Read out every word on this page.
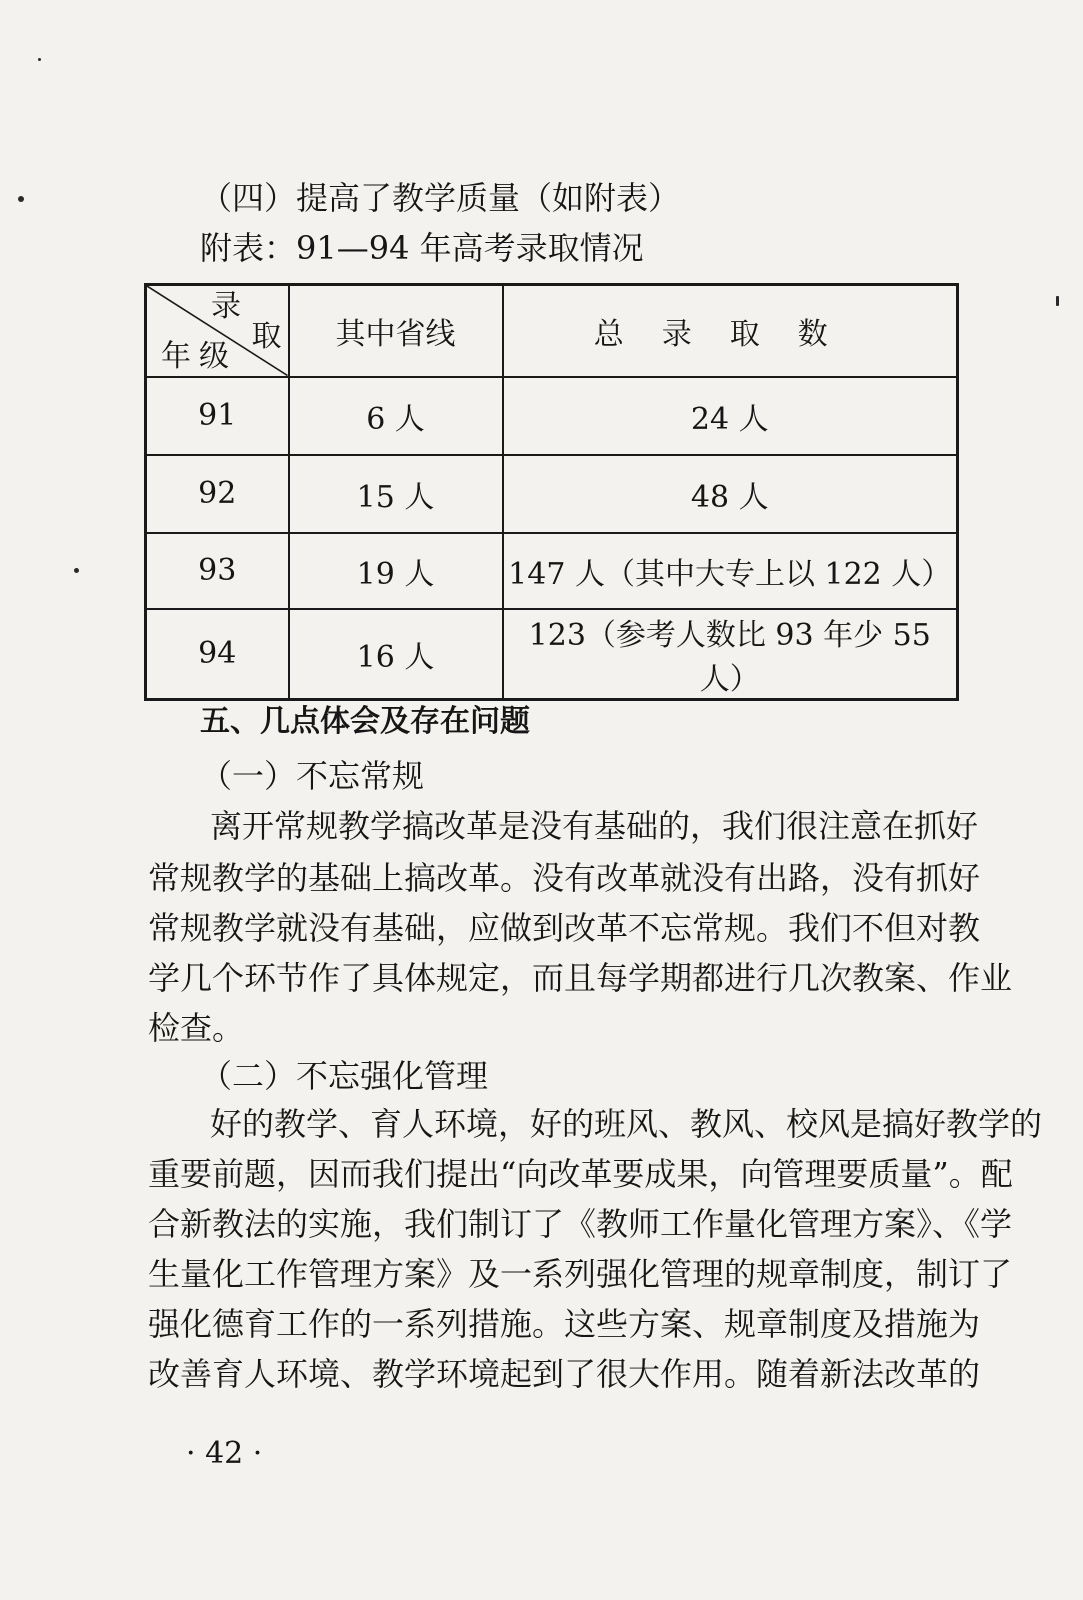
（四）提高了教学质量（如附表）
附表：91—94 年高考录取情况
录
取
年级	其中省线	总录取数
91	6 人	24 人
92	15 人	48 人
93	19 人	147 人（其中大专上以 122 人）
94	16 人	123（参考人数比 93 年少 55 人）
五、几点体会及存在问题
（一）不忘常规
离开常规教学搞改革是没有基础的，我们很注意在抓好
常规教学的基础上搞改革。没有改革就没有出路，没有抓好
常规教学就没有基础，应做到改革不忘常规。我们不但对教
学几个环节作了具体规定，而且每学期都进行几次教案、作业
检查。
（二）不忘强化管理
好的教学、育人环境，好的班风、教风、校风是搞好教学的
重要前题，因而我们提出“向改革要成果，向管理要质量”。配
合新教法的实施，我们制订了《教师工作量化管理方案》、《学
生量化工作管理方案》及一系列强化管理的规章制度，制订了
强化德育工作的一系列措施。这些方案、规章制度及措施为
改善育人环境、教学环境起到了很大作用。随着新法改革的
· 42 ·
